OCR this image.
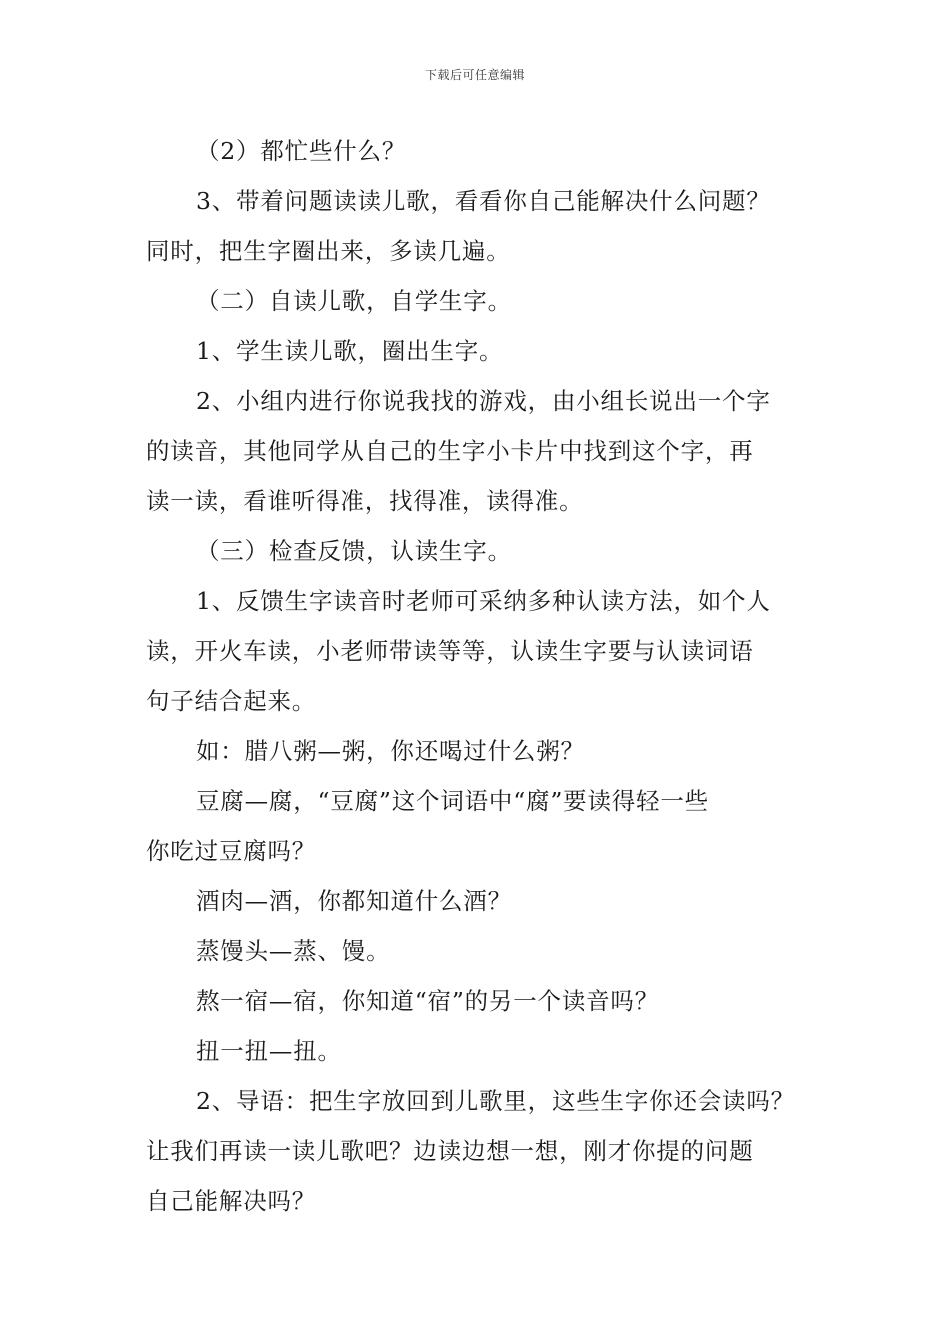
下载后可任意编辑
（2）都忙些什么？
3、带着问题读读儿歌，看看你自己能解决什么问题？
同时，把生字圈出来，多读几遍。
（二）自读儿歌，自学生字。
1、学生读儿歌，圈出生字。
2、小组内进行你说我找的游戏，由小组长说出一个字
的读音，其他同学从自己的生字小卡片中找到这个字，再
读一读，看谁听得准，找得准，读得准。
（三）检查反馈，认读生字。
1、反馈生字读音时老师可采纳多种认读方法，如个人
读，开火车读，小老师带读等等，认读生字要与认读词语
句子结合起来。
如：腊八粥—粥，你还喝过什么粥？
豆腐—腐，“豆腐”这个词语中“腐”要读得轻一些
你吃过豆腐吗？
酒肉—酒，你都知道什么酒？
蒸馒头—蒸、馒。
熬一宿—宿，你知道“宿”的另一个读音吗？
扭一扭—扭。
2、导语：把生字放回到儿歌里，这些生字你还会读吗？
让我们再读一读儿歌吧？边读边想一想，刚才你提的问题
自己能解决吗？
